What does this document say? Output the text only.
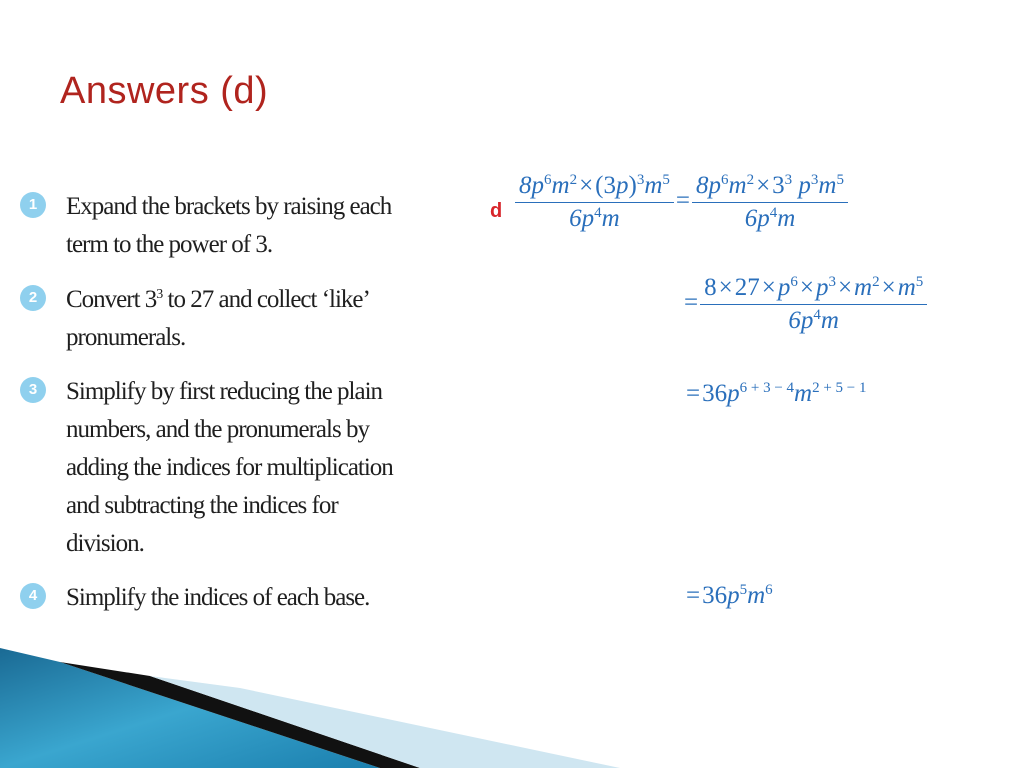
Answers (d)
1	Expand the brackets by raising each term to the power of 3.
2	Convert $3^3$ to 27 and collect ‘like’ pronumerals.
3	Simplify by first reducing the plain numbers, and the pronumerals by adding the indices for multiplication and subtracting the indices for division.
4	Simplify the indices of each base.
d $\frac{8p^6m^2\times(3p)^3m^5}{6p^4m} = \frac{8p^6m^2\times 3^3 p^3m^5}{6p^4m}$
= $\frac{8\times 27\times p^6\times p^3\times m^2\times m^5}{6p^4m}$
$=36p^{6 + 3 - 4}m^{2 + 5 - 1}$
$=36p^5m^6$
